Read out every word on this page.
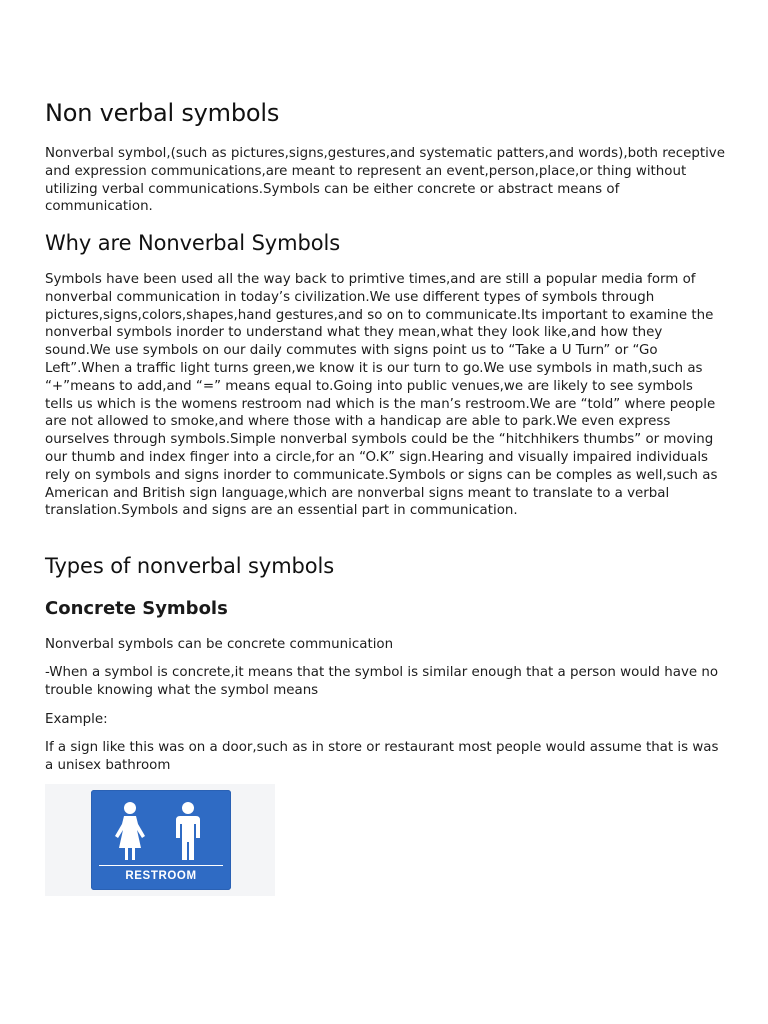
Non verbal symbols

Nonverbal symbol,(such as pictures,signs,gestures,and systematic patters,and words),both receptive and expression communications,are meant to represent an event,person,place,or thing without utilizing verbal communications.Symbols can be either concrete or abstract means of communication.

Why are Nonverbal Symbols

Symbols have been used all the way back to primtive times,and are still a popular media form of nonverbal communication in today’s civilization.We use different types of symbols through pictures,signs,colors,shapes,hand gestures,and so on to communicate.Its important to examine the nonverbal symbols inorder to understand what they mean,what they look like,and how they sound.We use symbols on our daily commutes with signs point us to “Take a U Turn” or “Go Left”.When a traffic light turns green,we know it is our turn to go.We use symbols in math,such as “+”means to add,and “=” means equal to.Going into public venues,we are likely to see symbols tells us which is the womens restroom nad which is the man’s restroom.We are “told” where people are not allowed to smoke,and where those with a handicap are able to park.We even express ourselves through symbols.Simple nonverbal symbols could be the “hitchhikers thumbs” or moving our thumb and index finger into a circle,for an “O.K” sign.Hearing and visually impaired individuals rely on symbols and signs inorder to communicate.Symbols or signs can be comples as well,such as American and British sign language,which are nonverbal signs meant to translate to a verbal translation.Symbols and signs are an essential part in communication.

Types of nonverbal symbols
Concrete Symbols

Nonverbal symbols can be concrete communication

-When a symbol is concrete,it means that the symbol is similar enough that a person would have no trouble knowing what the symbol means

Example:

If a sign like this was on a door,such as in store or restaurant most people would assume that is was a unisex bathroom

RESTROOM
